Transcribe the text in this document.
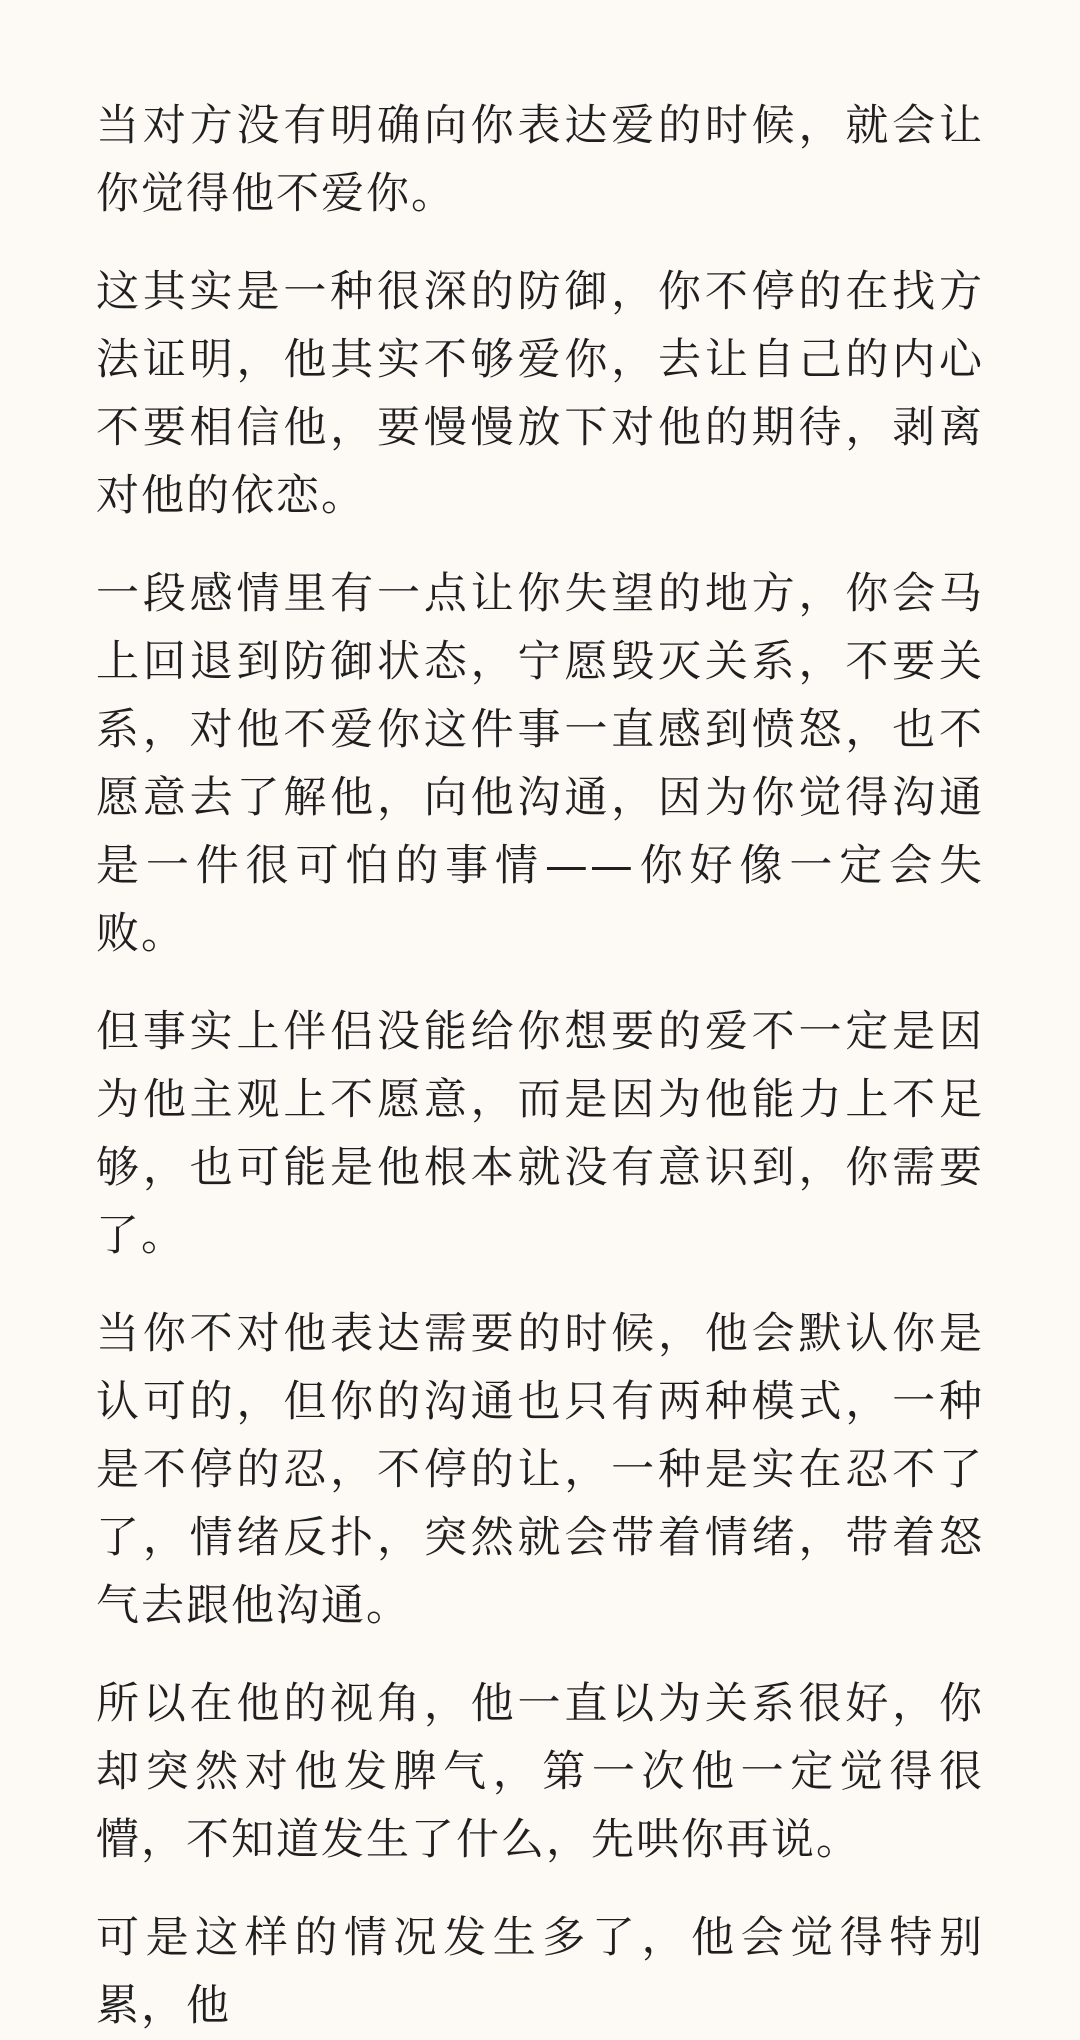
当对方没有明确向你表达爱的时候，就会让你觉得他不爱你。

这其实是一种很深的防御，你不停的在找方法证明，他其实不够爱你，去让自己的内心不要相信他，要慢慢放下对他的期待，剥离对他的依恋。

一段感情里有一点让你失望的地方，你会马上回退到防御状态，宁愿毁灭关系，不要关系，对他不爱你这件事一直感到愤怒，也不愿意去了解他，向他沟通，因为你觉得沟通是一件很可怕的事情——你好像一定会失败。

但事实上伴侣没能给你想要的爱不一定是因为他主观上不愿意，而是因为他能力上不足够，也可能是他根本就没有意识到，你需要了。

当你不对他表达需要的时候，他会默认你是认可的，但你的沟通也只有两种模式，一种是不停的忍，不停的让，一种是实在忍不了了，情绪反扑，突然就会带着情绪，带着怒气去跟他沟通。

所以在他的视角，他一直以为关系很好，你却突然对他发脾气，第一次他一定觉得很懵，不知道发生了什么，先哄你再说。

可是这样的情况发生多了，他会觉得特别累，他
